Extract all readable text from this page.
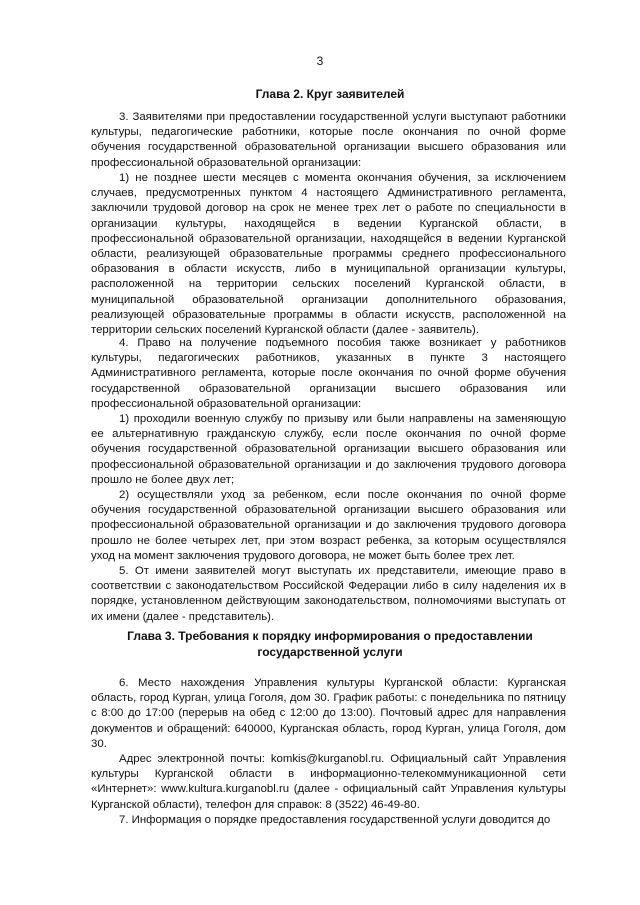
3
Глава 2. Круг заявителей

3. Заявителями при предоставлении государственной услуги выступают работники культуры, педагогические работники, которые после окончания по очной форме обучения государственной образовательной организации высшего образования или профессиональной образовательной организации:

1) не позднее шести месяцев с момента окончания обучения, за исключением случаев, предусмотренных пунктом 4 настоящего Административного регламента, заключили трудовой договор на срок не менее трех лет о работе по специальности в организации культуры, находящейся в ведении Курганской области, в профессиональной образовательной организации, находящейся в ведении Курганской области, реализующей образовательные программы среднего профессионального образования в области искусств, либо в муниципальной организации культуры, расположенной на территории сельских поселений Курганской области, в муниципальной образовательной организации дополнительного образования, реализующей образовательные программы в области искусств, расположенной на территории сельских поселений Курганской области (далее - заявитель).

4. Право на получение подъемного пособия также возникает у работников культуры, педагогических работников, указанных в пункте 3 настоящего Административного регламента, которые после окончания по очной форме обучения государственной образовательной организации высшего образования или профессиональной образовательной организации:

1) проходили военную службу по призыву или были направлены на заменяющую ее альтернативную гражданскую службу, если после окончания по очной форме обучения государственной образовательной организации высшего образования или профессиональной образовательной организации и до заключения трудового договора прошло не более двух лет;

2) осуществляли уход за ребенком, если после окончания по очной форме обучения государственной образовательной организации высшего образования или профессиональной образовательной организации и до заключения трудового договора прошло не более четырех лет, при этом возраст ребенка, за которым осуществлялся уход на момент заключения трудового договора, не может быть более трех лет.

5. От имени заявителей могут выступать их представители, имеющие право в соответствии с законодательством Российской Федерации либо в силу наделения их в порядке, установленном действующим законодательством, полномочиями выступать от их имени (далее - представитель).

Глава 3. Требования к порядку информирования о предоставлении
государственной услуги

6. Место нахождения Управления культуры Курганской области: Курганская область, город Курган, улица Гоголя, дом 30. График работы: с понедельника по пятницу с 8:00 до 17:00 (перерыв на обед с 12:00 до 13:00). Почтовый адрес для направления документов и обращений: 640000, Курганская область, город Курган, улица Гоголя, дом 30.

Адрес электронной почты: komkis@kurganobl.ru. Официальный сайт Управления культуры Курганской области в информационно-телекоммуникационной сети «Интернет»: www.kultura.kurganobl.ru (далее - официальный сайт Управления культуры Курганской области), телефон для справок: 8 (3522) 46-49-80.

7. Информация о порядке предоставления государственной услуги доводится до
